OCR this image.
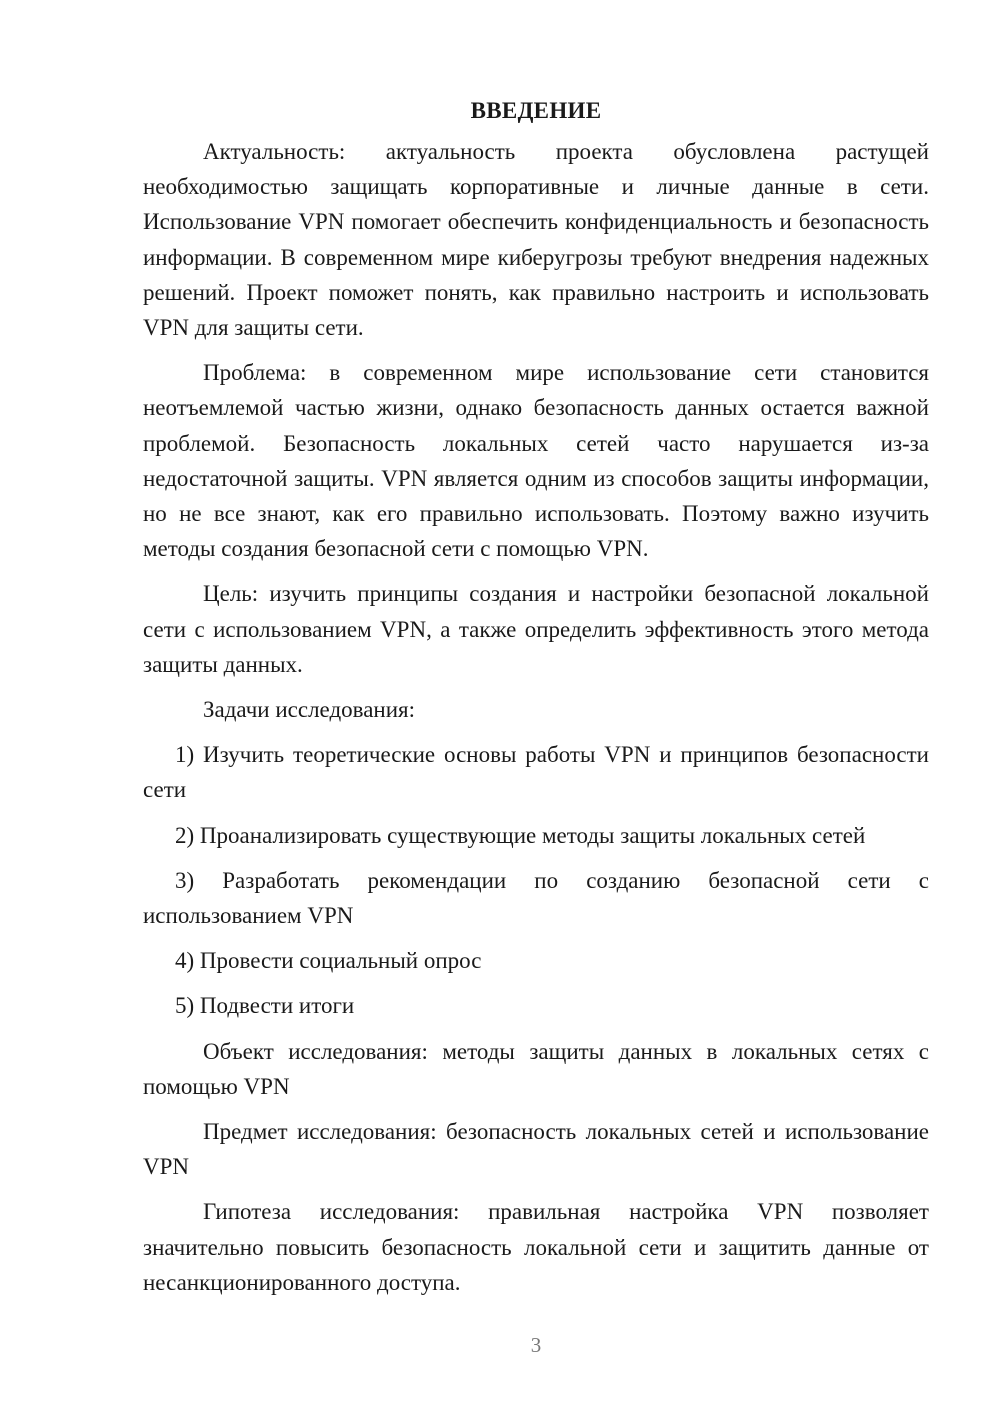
ВВЕДЕНИЕ

Актуальность: актуальность проекта обусловлена растущей необходимостью защищать корпоративные и личные данные в сети. Использование VPN помогает обеспечить конфиденциальность и безопасность информации. В современном мире киберугрозы требуют внедрения надежных решений. Проект поможет понять, как правильно настроить и использовать VPN для защиты сети.

Проблема: в современном мире использование сети становится неотъемлемой частью жизни, однако безопасность данных остается важной проблемой. Безопасность локальных сетей часто нарушается из-за недостаточной защиты. VPN является одним из способов защиты информации, но не все знают, как его правильно использовать. Поэтому важно изучить методы создания безопасной сети с помощью VPN.

Цель: изучить принципы создания и настройки безопасной локальной сети с использованием VPN, а также определить эффективность этого метода защиты данных.

Задачи исследования:

1) Изучить теоретические основы работы VPN и принципов безопасности сети

2) Проанализировать существующие методы защиты локальных сетей

3) Разработать рекомендации по созданию безопасной сети с использованием VPN

4) Провести социальный опрос

5) Подвести итоги

Объект исследования: методы защиты данных в локальных сетях с помощью VPN

Предмет исследования: безопасность локальных сетей и использование VPN

Гипотеза исследования: правильная настройка VPN позволяет значительно повысить безопасность локальной сети и защитить данные от несанкционированного доступа.

3
